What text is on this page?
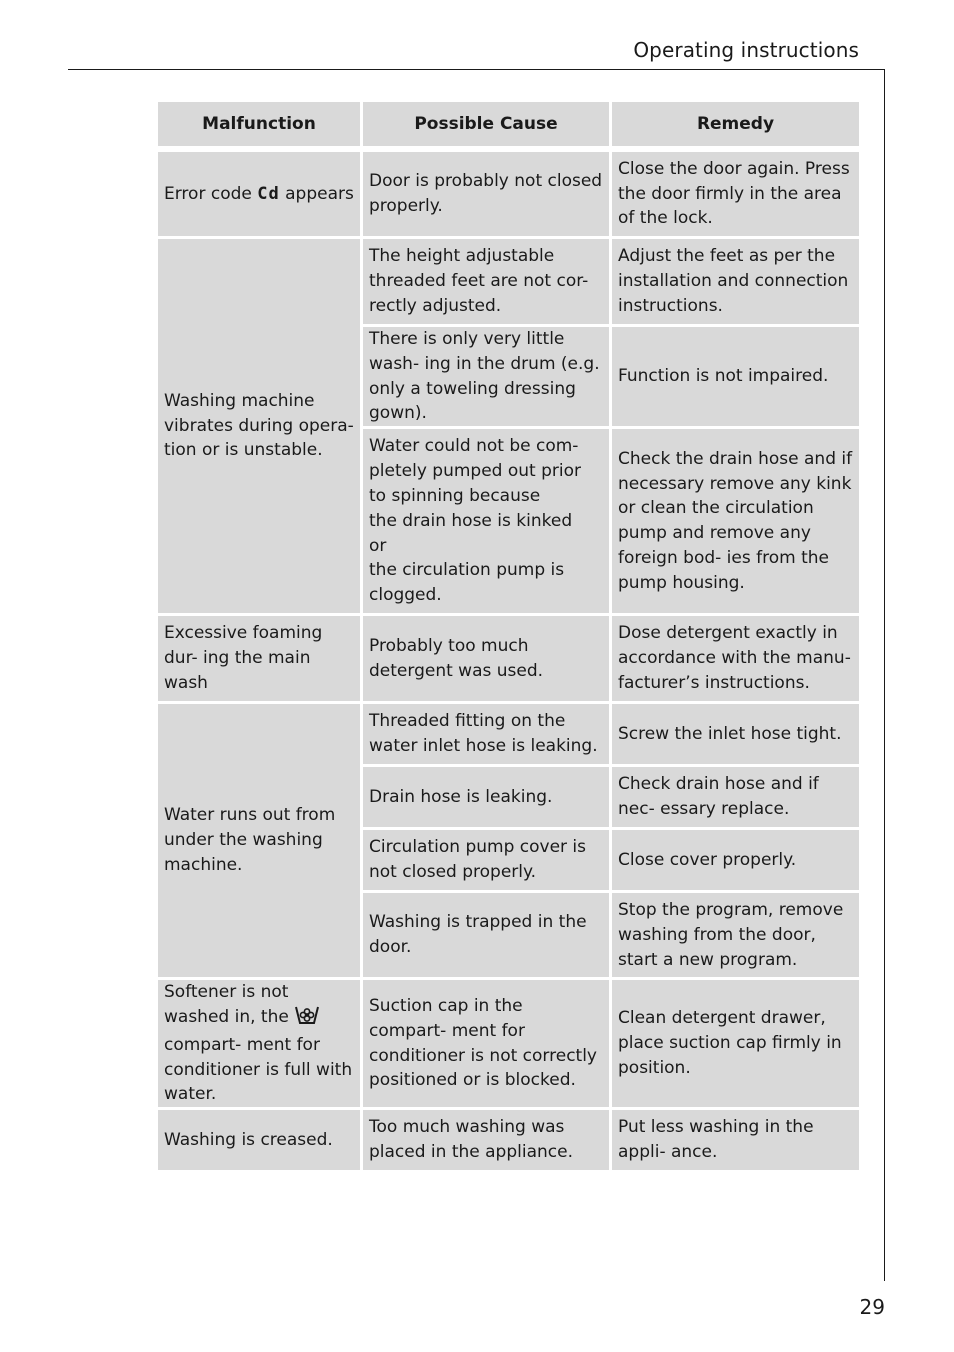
Operating instructions
Malfunction	Possible Cause	Remedy

Error code Cd appears	Door is probably not closed properly.	Close the door again. Press the door firmly in the area of the lock.
Washing machine vibrates during opera- tion or is unstable.	The height adjustable threaded feet are not cor- rectly adjusted.	Adjust the feet as per the installation and connection instructions.
	There is only very little wash- ing in the drum (e.g. only a toweling dressing gown).	Function is not impaired.

	Water could not be com- pletely pumped out prior to spinning because
the drain hose is kinked
or
the circulation pump is clogged.	Check the drain hose and if necessary remove any kink or clean the circulation pump and remove any foreign bod- ies from the pump housing.
Excessive foaming dur- ing the main wash	Probably too much detergent was used.	Dose detergent exactly in accordance with the manu- facturer’s instructions.
Water runs out from under the washing machine.	Threaded fitting on the water inlet hose is leaking.	Screw the inlet hose tight.
	Drain hose is leaking.	Check drain hose and if nec- essary replace.
	Circulation pump cover is not closed properly.	Close cover properly.
	Washing is trapped in the door.	Stop the program, remove washing from the door, start a new program.
Softener is not washed in, the  compart- ment for conditioner is full with water.	Suction cap in the compart- ment for conditioner is not correctly positioned or is blocked.	Clean detergent drawer, place suction cap firmly in position.
Washing is creased.	Too much washing was placed in the appliance.	Put less washing in the appli- ance.
29
